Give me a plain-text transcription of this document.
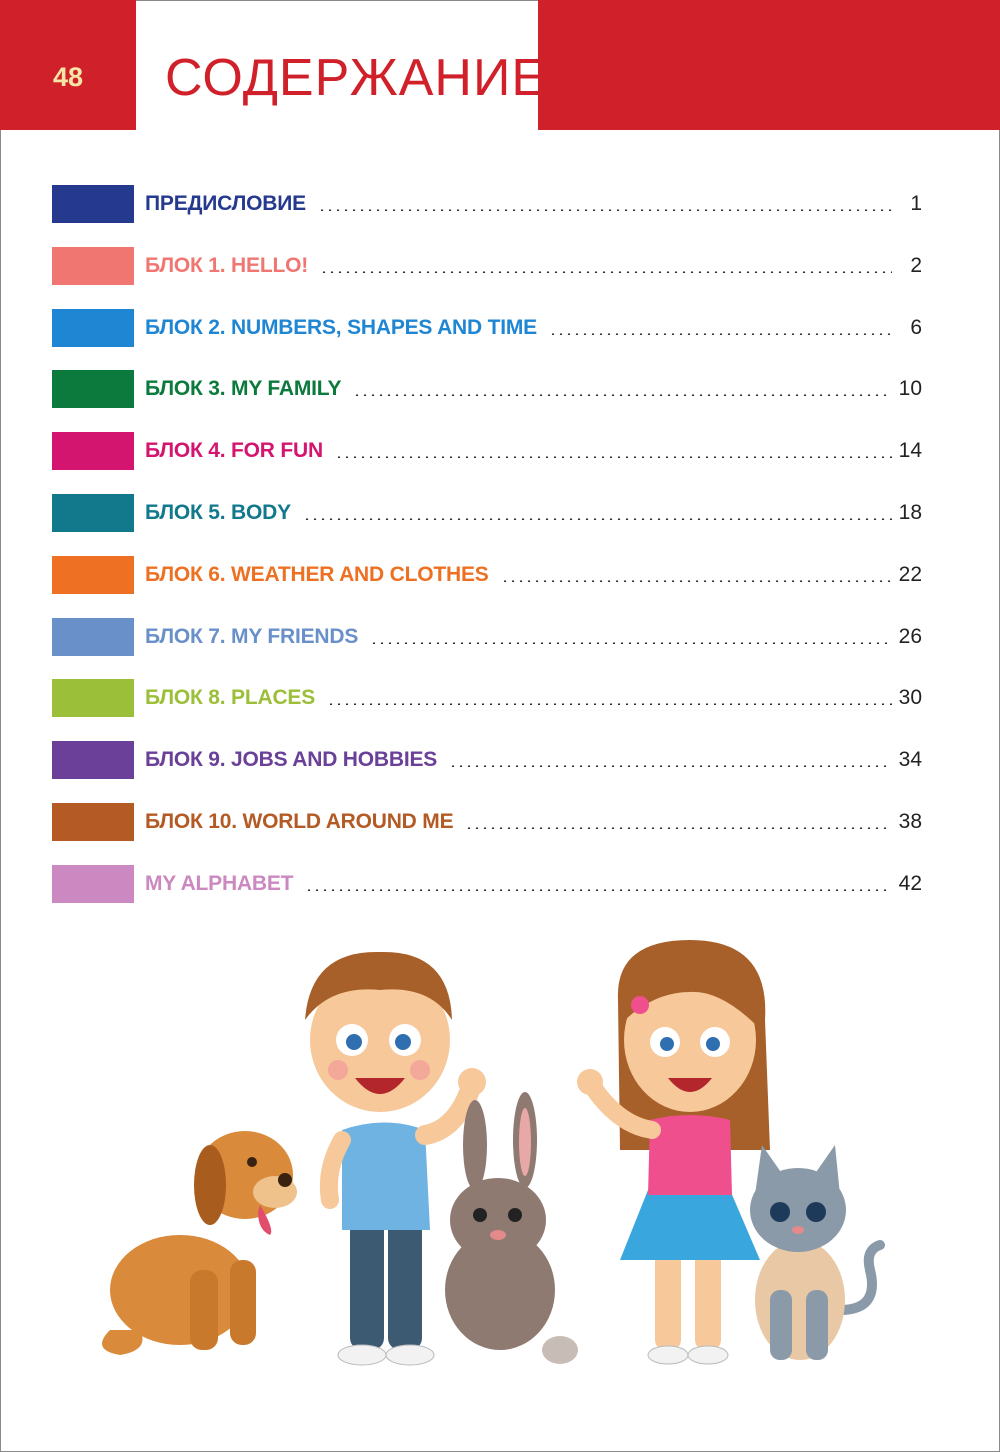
48	СОДЕРЖАНИЕ
ПРЕДИСЛОВИЕ	1
БЛОК 1. HELLO!	2
БЛОК 2. NUMBERS, SHAPES AND TIME	6
БЛОК 3. MY FAMILY	10
БЛОК 4. FOR FUN	14
БЛОК 5. BODY	18
БЛОК 6. WEATHER AND CLOTHES	22
БЛОК 7. MY FRIENDS	26
БЛОК 8. PLACES	30
БЛОК 9. JOBS AND HOBBIES	34
БЛОК 10. WORLD AROUND ME	38
MY ALPHABET	42
